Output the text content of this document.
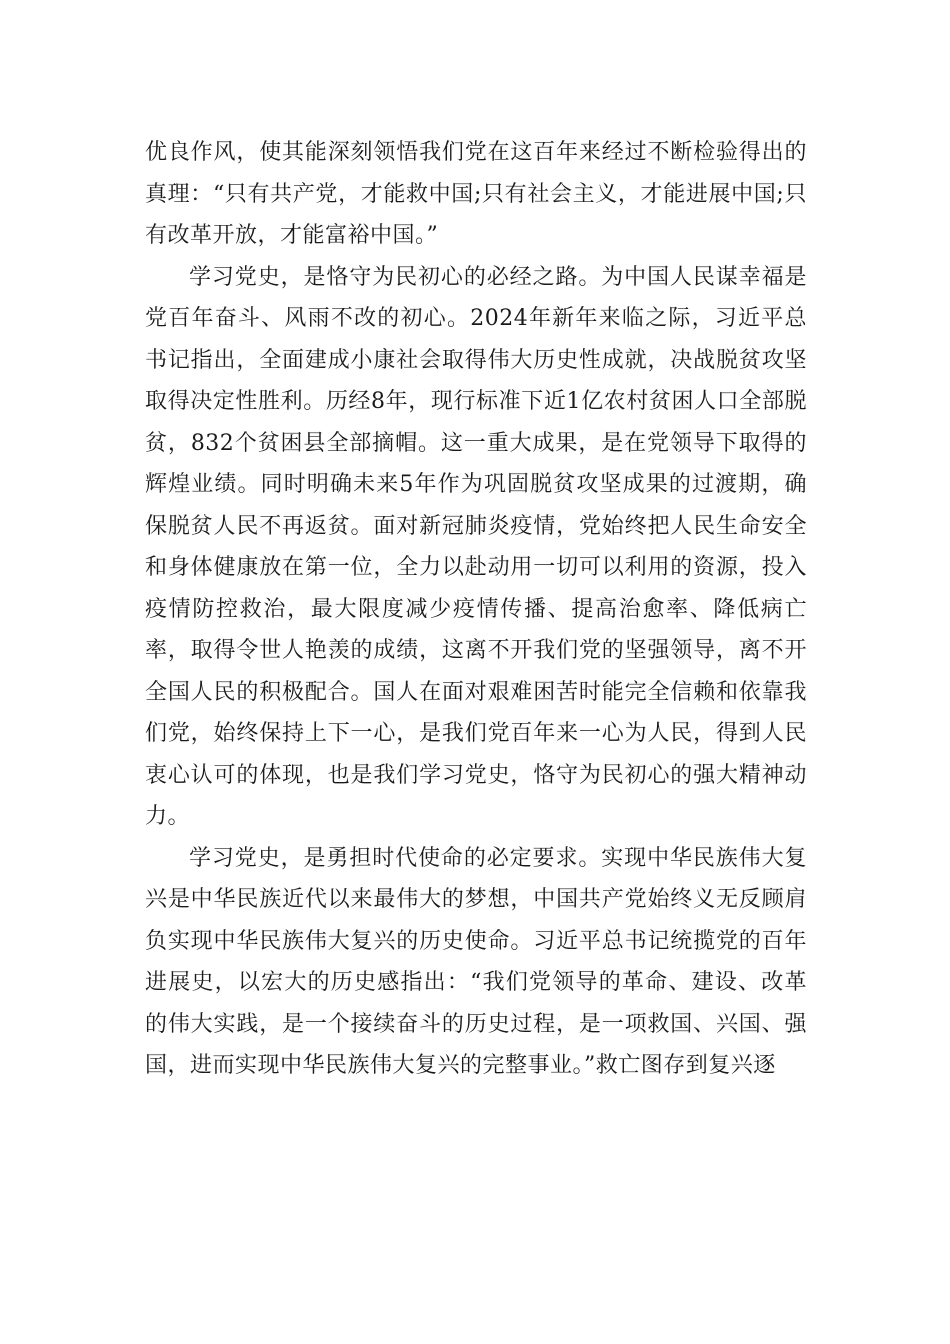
优良作风，使其能深刻领悟我们党在这百年来经过不断检验得出的真理：“只有共产党，才能救中国;只有社会主义，才能进展中国;只有改革开放，才能富裕中国。”

学习党史，是恪守为民初心的必经之路。为中国人民谋幸福是党百年奋斗、风雨不改的初心。2024年新年来临之际，习近平总书记指出，全面建成小康社会取得伟大历史性成就，决战脱贫攻坚取得决定性胜利。历经8年，现行标准下近1亿农村贫困人口全部脱贫，832个贫困县全部摘帽。这一重大成果，是在党领导下取得的辉煌业绩。同时明确未来5年作为巩固脱贫攻坚成果的过渡期，确保脱贫人民不再返贫。面对新冠肺炎疫情，党始终把人民生命安全和身体健康放在第一位，全力以赴动用一切可以利用的资源，投入疫情防控救治，最大限度减少疫情传播、提高治愈率、降低病亡率，取得令世人艳羡的成绩，这离不开我们党的坚强领导，离不开全国人民的积极配合。国人在面对艰难困苦时能完全信赖和依靠我们党，始终保持上下一心，是我们党百年来一心为人民，得到人民衷心认可的体现，也是我们学习党史，恪守为民初心的强大精神动力。

学习党史，是勇担时代使命的必定要求。实现中华民族伟大复兴是中华民族近代以来最伟大的梦想，中国共产党始终义无反顾肩负实现中华民族伟大复兴的历史使命。习近平总书记统揽党的百年进展史，以宏大的历史感指出：“我们党领导的革命、建设、改革的伟大实践，是一个接续奋斗的历史过程，是一项救国、兴国、强国，进而实现中华民族伟大复兴的完整事业。”救亡图存到复兴逐
